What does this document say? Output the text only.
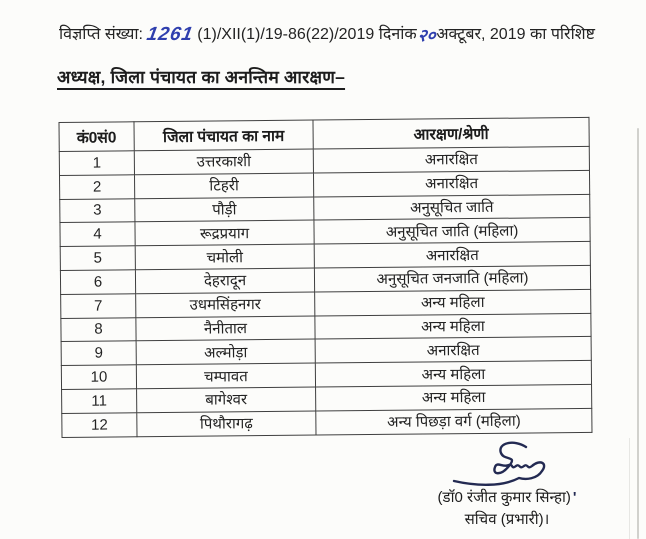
विज्ञप्ति संख्या: 1261 (1)/XII(1)/19-86(22)/2019 दिनांक२०अक्टूबर, 2019 का परिशिष्ट

अध्यक्ष, जिला पंचायत का अनन्तिम आरक्षण–
कं0सं0	जिला पंचायत का नाम	आरक्षण/श्रेणी
1	उत्तरकाशी	अनारक्षित
2	टिहरी	अनारक्षित
3	पौड़ी	अनुसूचित जाति
4	रूद्रप्रयाग	अनुसूचित जाति (महिला)
5	चमोली	अनारक्षित
6	देहरादून	अनुसूचित जनजाति (महिला)
7	उधमसिंहनगर	अन्य महिला
8	नैनीताल	अन्य महिला
9	अल्मोड़ा	अनारक्षित
10	चम्पावत	अन्य महिला
11	बागेश्वर	अन्य महिला
12	पिथौरागढ़	अन्य पिछड़ा वर्ग (महिला)
(डॉ0 रंजीत कुमार सिन्हा) '
सचिव (प्रभारी)।
